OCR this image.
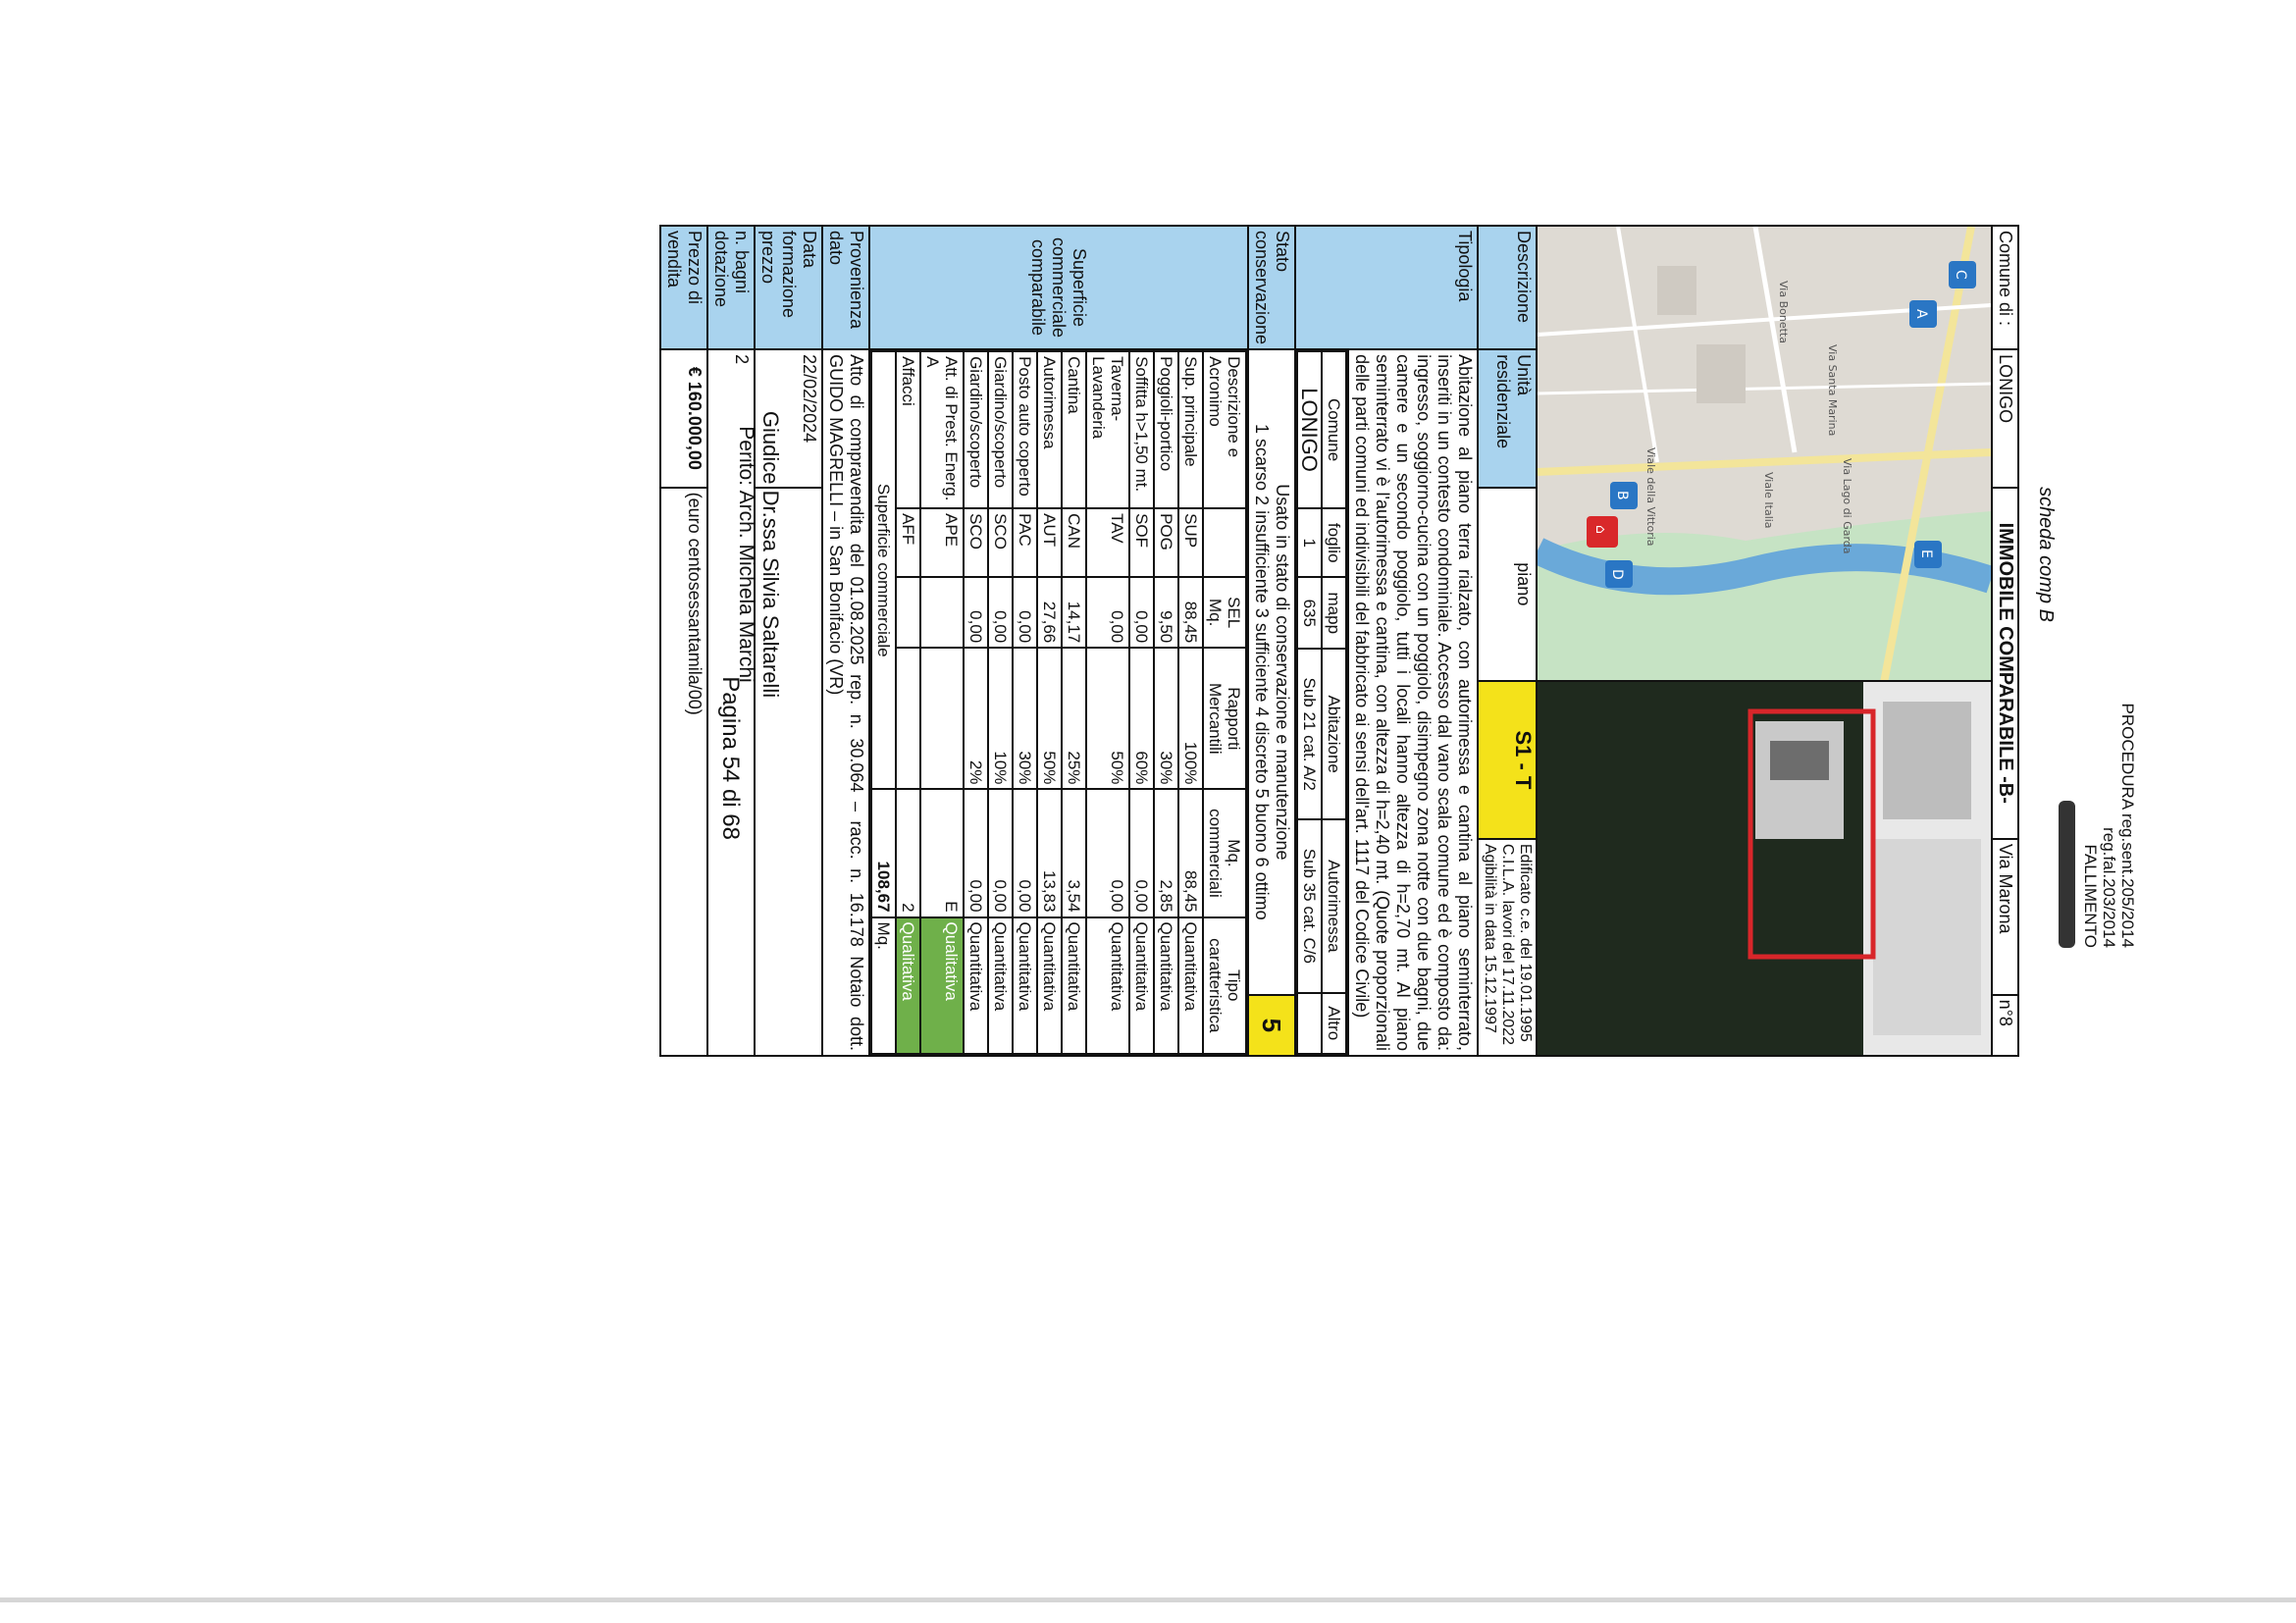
PROCEDURA reg.sent.205/2014
reg.fal.203/2014
FALLIMENTO
scheda comp B
Comune di :	LONIGO	IMMOBILE COMPARABILE -B-	Via Marona	n°8

Via Lago di Garda
Via Bonetta
Via Santa Marina
Viale Italia
Viale della Vittoria
C
A
B
⌂
D
E

Descrizione	Unità residenziale	piano	S1 - T	
Edificato c.e. del 19.01.1995
C.I.L.A. lavori del 17.11.2022
Agibilità in data 15.12.1997

Tipologia	Abitazione al piano terra rialzato, con autorimessa e cantina al piano seminterrato, inseriti in un contesto condominiale. Accesso dal vano scala comune ed è composto da: ingresso, soggiorno-cucina con un poggiolo, disimpegno zona notte con due bagni, due camere e un secondo poggiolo, tutti i locali hanno altezza di h=2,70 mt. Al piano seminterrato vi è l'autorimessa e cantina, con altezza di h=2,40 mt. (Quote proporzionali delle parti comuni ed indivisibili del fabbricato ai sensi dell'art. 1117 del Codice Civile)

Comune	foglio	mapp	Abitazione	Autorimessa	Altro
LONIGO	1	635	Sub 21 cat. A/2	Sub 35 cat. C/6	

Stato conservazione	
Usato in stato di conservazione e manutenzione
1 scarso 2 insufficiente 3 sufficiente 4 discreto 5 buono 6 ottimo
	5
Superficie commerciale comparabile	
Descrizione e Acronimo		SEL Mq.	Rapporti Mercantili	Mq. commerciali	Tipo caratteristica
Sup. principale	SUP	88,45	100%	88,45	Quantitativa
Poggioli-portico	POG	9,50	30%	2,85	Quantitativa
Soffitta h>1,50 mt.	SOF	0,00	60%	0,00	Quantitativa
Taverna-Lavanderia	TAV	0,00	50%	0,00	Quantitativa
Cantina	CAN	14,17	25%	3,54	Quantitativa
Autorimessa	AUT	27,66	50%	13,83	Quantitativa
Posto auto coperto	PAC	0,00	30%	0,00	Quantitativa
Giardino/scoperto	SCO	0,00	10%	0,00	Quantitativa
Giardino/scoperto	SCO	0,00	2%	0,00	Quantitativa
Att. di Prest. Energ. A	APE			E	Qualitativa
Affacci	AFF			2	Qualitativa
Superficie commerciale	108,67	Mq.

Provenienza dato	Atto di compravendita del 01.08.2025 rep. n. 30.064 – racc. n. 16.178 Notaio dott. GUIDO MAGRELLI – in San Bonifacio (VR)
Data formazione prezzo	22/02/2024	
n. bagni dotazione	2
Prezzo di vendita	€ 160.000,00	(euro centosessantamila/00)	Giudice Dr.ssa Silvia Saltarelli
Perito: Arch. Michela Marchi
Pagina 54 di 68
